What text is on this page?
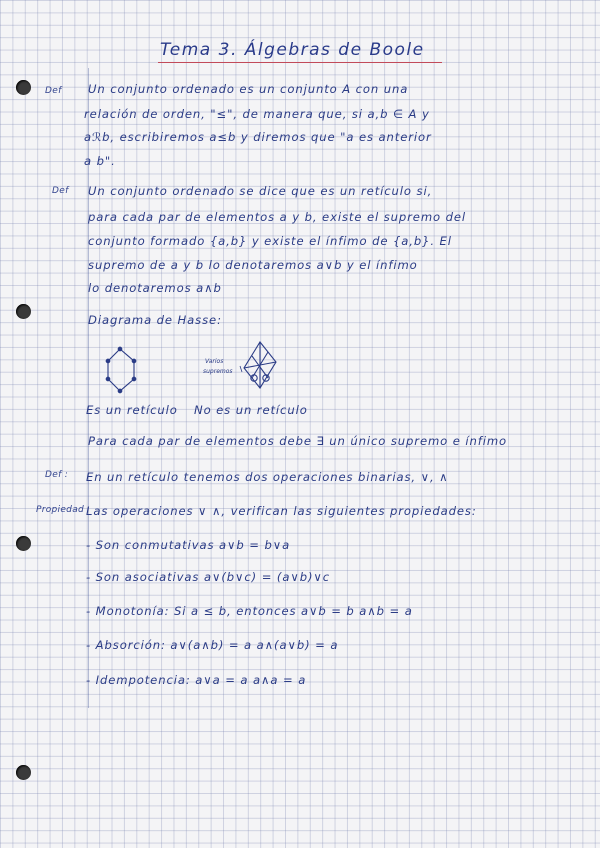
Tema 3. Álgebras de Boole
Def Un conjunto ordenado es un conjunto A con una
relación de orden, "≤", de manera que, si a,b ∈ A y
aℛb, escribiremos a≤b y diremos que "a es anterior
a b".
Def Un conjunto ordenado se dice que es un retículo si,
para cada par de elementos a y b, existe el supremo del
conjunto formado {a,b} y existe el ínfimo de {a,b}. El
supremo de a y b lo denotaremos a∨b y el ínfimo
lo denotaremos a∧b
Diagrama de Hasse:
Varios
supremos
Es un retículo No es un retículo
Para cada par de elementos debe ∃ un único supremo e ínfimo
Def : En un retículo tenemos dos operaciones binarias, ∨, ∧
Propiedad Las operaciones ∨ ∧, verifican las siguientes propiedades:
- Son conmutativas a∨b = b∨a
- Son asociativas a∨(b∨c) = (a∨b)∨c
- Monotonía: Si a ≤ b, entonces a∨b = b a∧b = a
- Absorción: a∨(a∧b) = a a∧(a∨b) = a
- Idempotencia: a∨a = a a∧a = a
